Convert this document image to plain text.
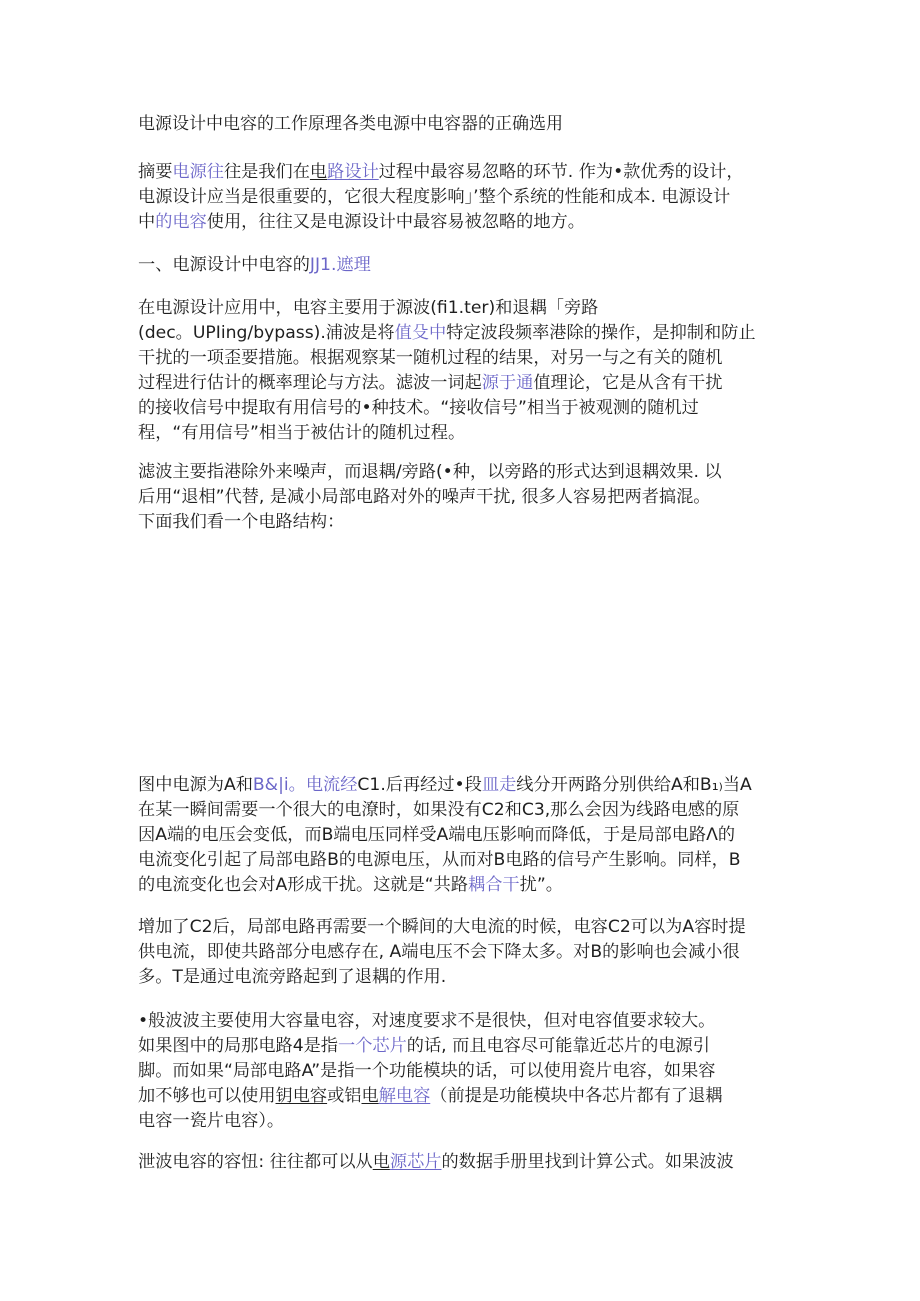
电源设计中电容的工作原理各类电源中电容器的正确选用
摘要电源往往是我们在电路设计过程中最容易忽略的环节. 作为•款优秀的设计，
电源设计应当是很重要的，它很大程度影响」’整个系统的性能和成本. 电源设计
中的电容使用，往往又是电源设计中最容易被忽略的地方。
一、电源设计中电容的JJ1.遮理
在电源设计应用中，电容主要用于源波(fi1.ter)和退耦「旁路
(dec。UPIing/bypass).浦波是将值殳中特定波段频率港除的操作，是抑制和防止
干扰的一项歪要措施。根据观察某一随机过程的结果，对另一与之有关的随机
过程进行估计的概率理论与方法。滤波一词起源于通值理论，它是从含有干扰
的接收信号中提取有用信号的•种技术。“接收信号”相当于被观测的随机过
程，“有用信号”相当于被估计的随机过程。
滤波主要指港除外来噪声，而退耦/旁路(•种，以旁路的形式达到退耦效果. 以
后用“退相”代替, 是减小局部电路对外的噪声干扰, 很多人容易把两者搞混。
下面我们看一个电路结构：
图中电源为A和B&|i。电流经C1.后再经过•段皿走线分开两路分别供给A和B₁₎当A
在某一瞬间需要一个很大的电潦时，如果没有C2和C3,那么会因为线路电感的原
因A端的电压会变低，而B端电压同样受A端电压影响而降低，于是局部电路Λ的
电流变化引起了局部电路B的电源电压，从而对B电路的信号产生影响。同样，B
的电流变化也会对A形成干扰。这就是“共路耦合干扰”。
增加了C2后，局部电路再需要一个瞬间的大电流的时候，电容C2可以为A容时提
供电流，即使共路部分电感存在, A端电压不会下降太多。对B的影响也会减小很
多。T是通过电流旁路起到了退耦的作用.
•般波波主要使用大容量电容，对速度要求不是很快，但对电容值要求较大。
如果图中的局那电路4是指一个芯片的话, 而且电容尽可能靠近芯片的电源引
脚。而如果“局部电路A”是指一个功能模块的话，可以使用瓷片电容，如果容
加不够也可以使用钥电容或铝电解电容（前提是功能模块中各芯片都有了退耦
电容一瓷片电容）。
泄波电容的容忸: 往往都可以从电源芯片的数据手册里找到计算公式。如果波波
